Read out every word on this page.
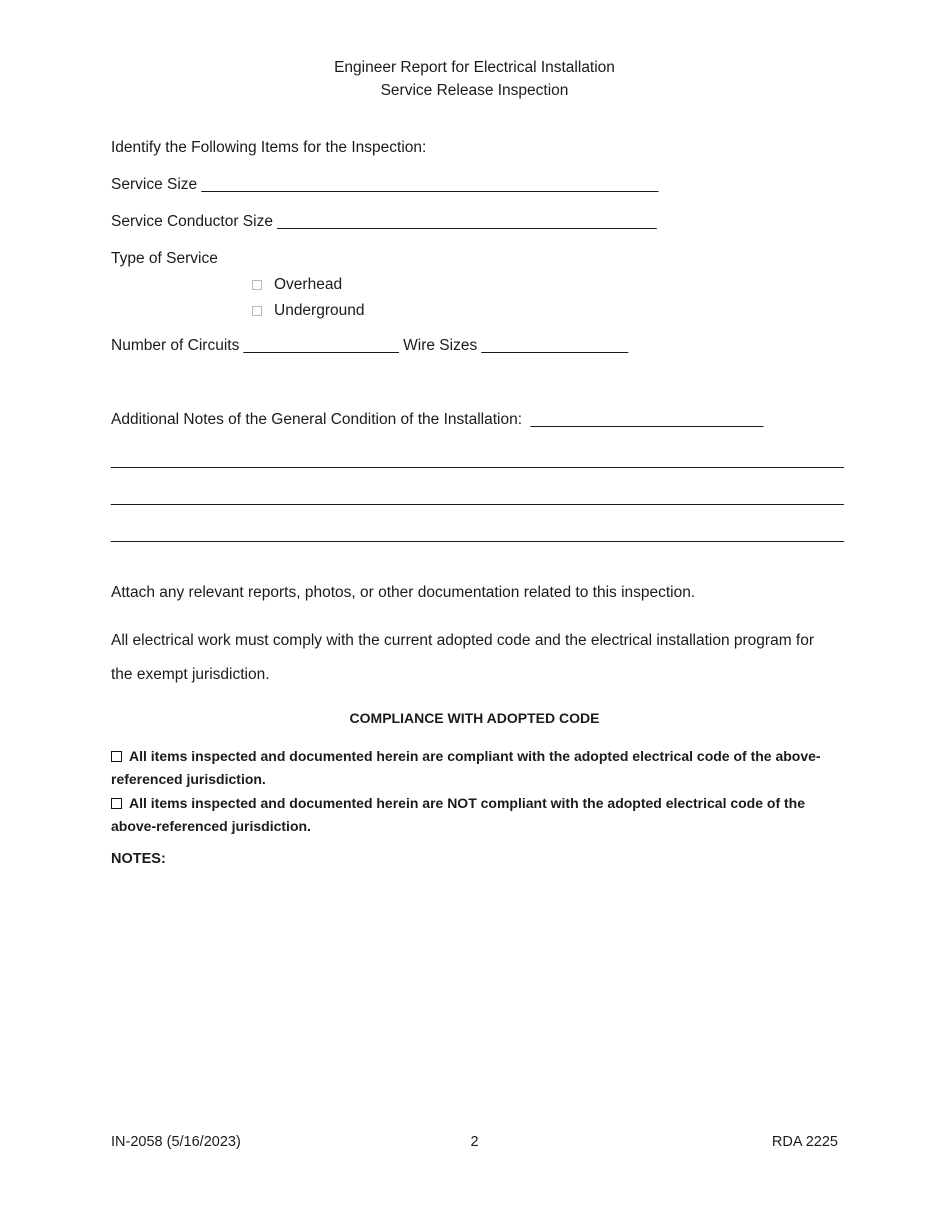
Engineer Report for Electrical Installation
Service Release Inspection
Identify the Following Items for the Inspection:
Service Size _____________________________________________________
Service Conductor Size ____________________________________________
Type of Service
Overhead
Underground
Number of Circuits __________________ Wire Sizes _________________
Additional Notes of the General Condition of the Installation: ___________________________
_____________________________________________________________________________________
_____________________________________________________________________________________
_____________________________________________________________________________________
Attach any relevant reports, photos, or other documentation related to this inspection.
All electrical work must comply with the current adopted code and the electrical installation program for the exempt jurisdiction.
COMPLIANCE WITH ADOPTED CODE
All items inspected and documented herein are compliant with the adopted electrical code of the above- referenced jurisdiction.
All items inspected and documented herein are NOT compliant with the adopted electrical code of the above-referenced jurisdiction.
NOTES:
IN-2058 (5/16/2023)	2	RDA 2225
